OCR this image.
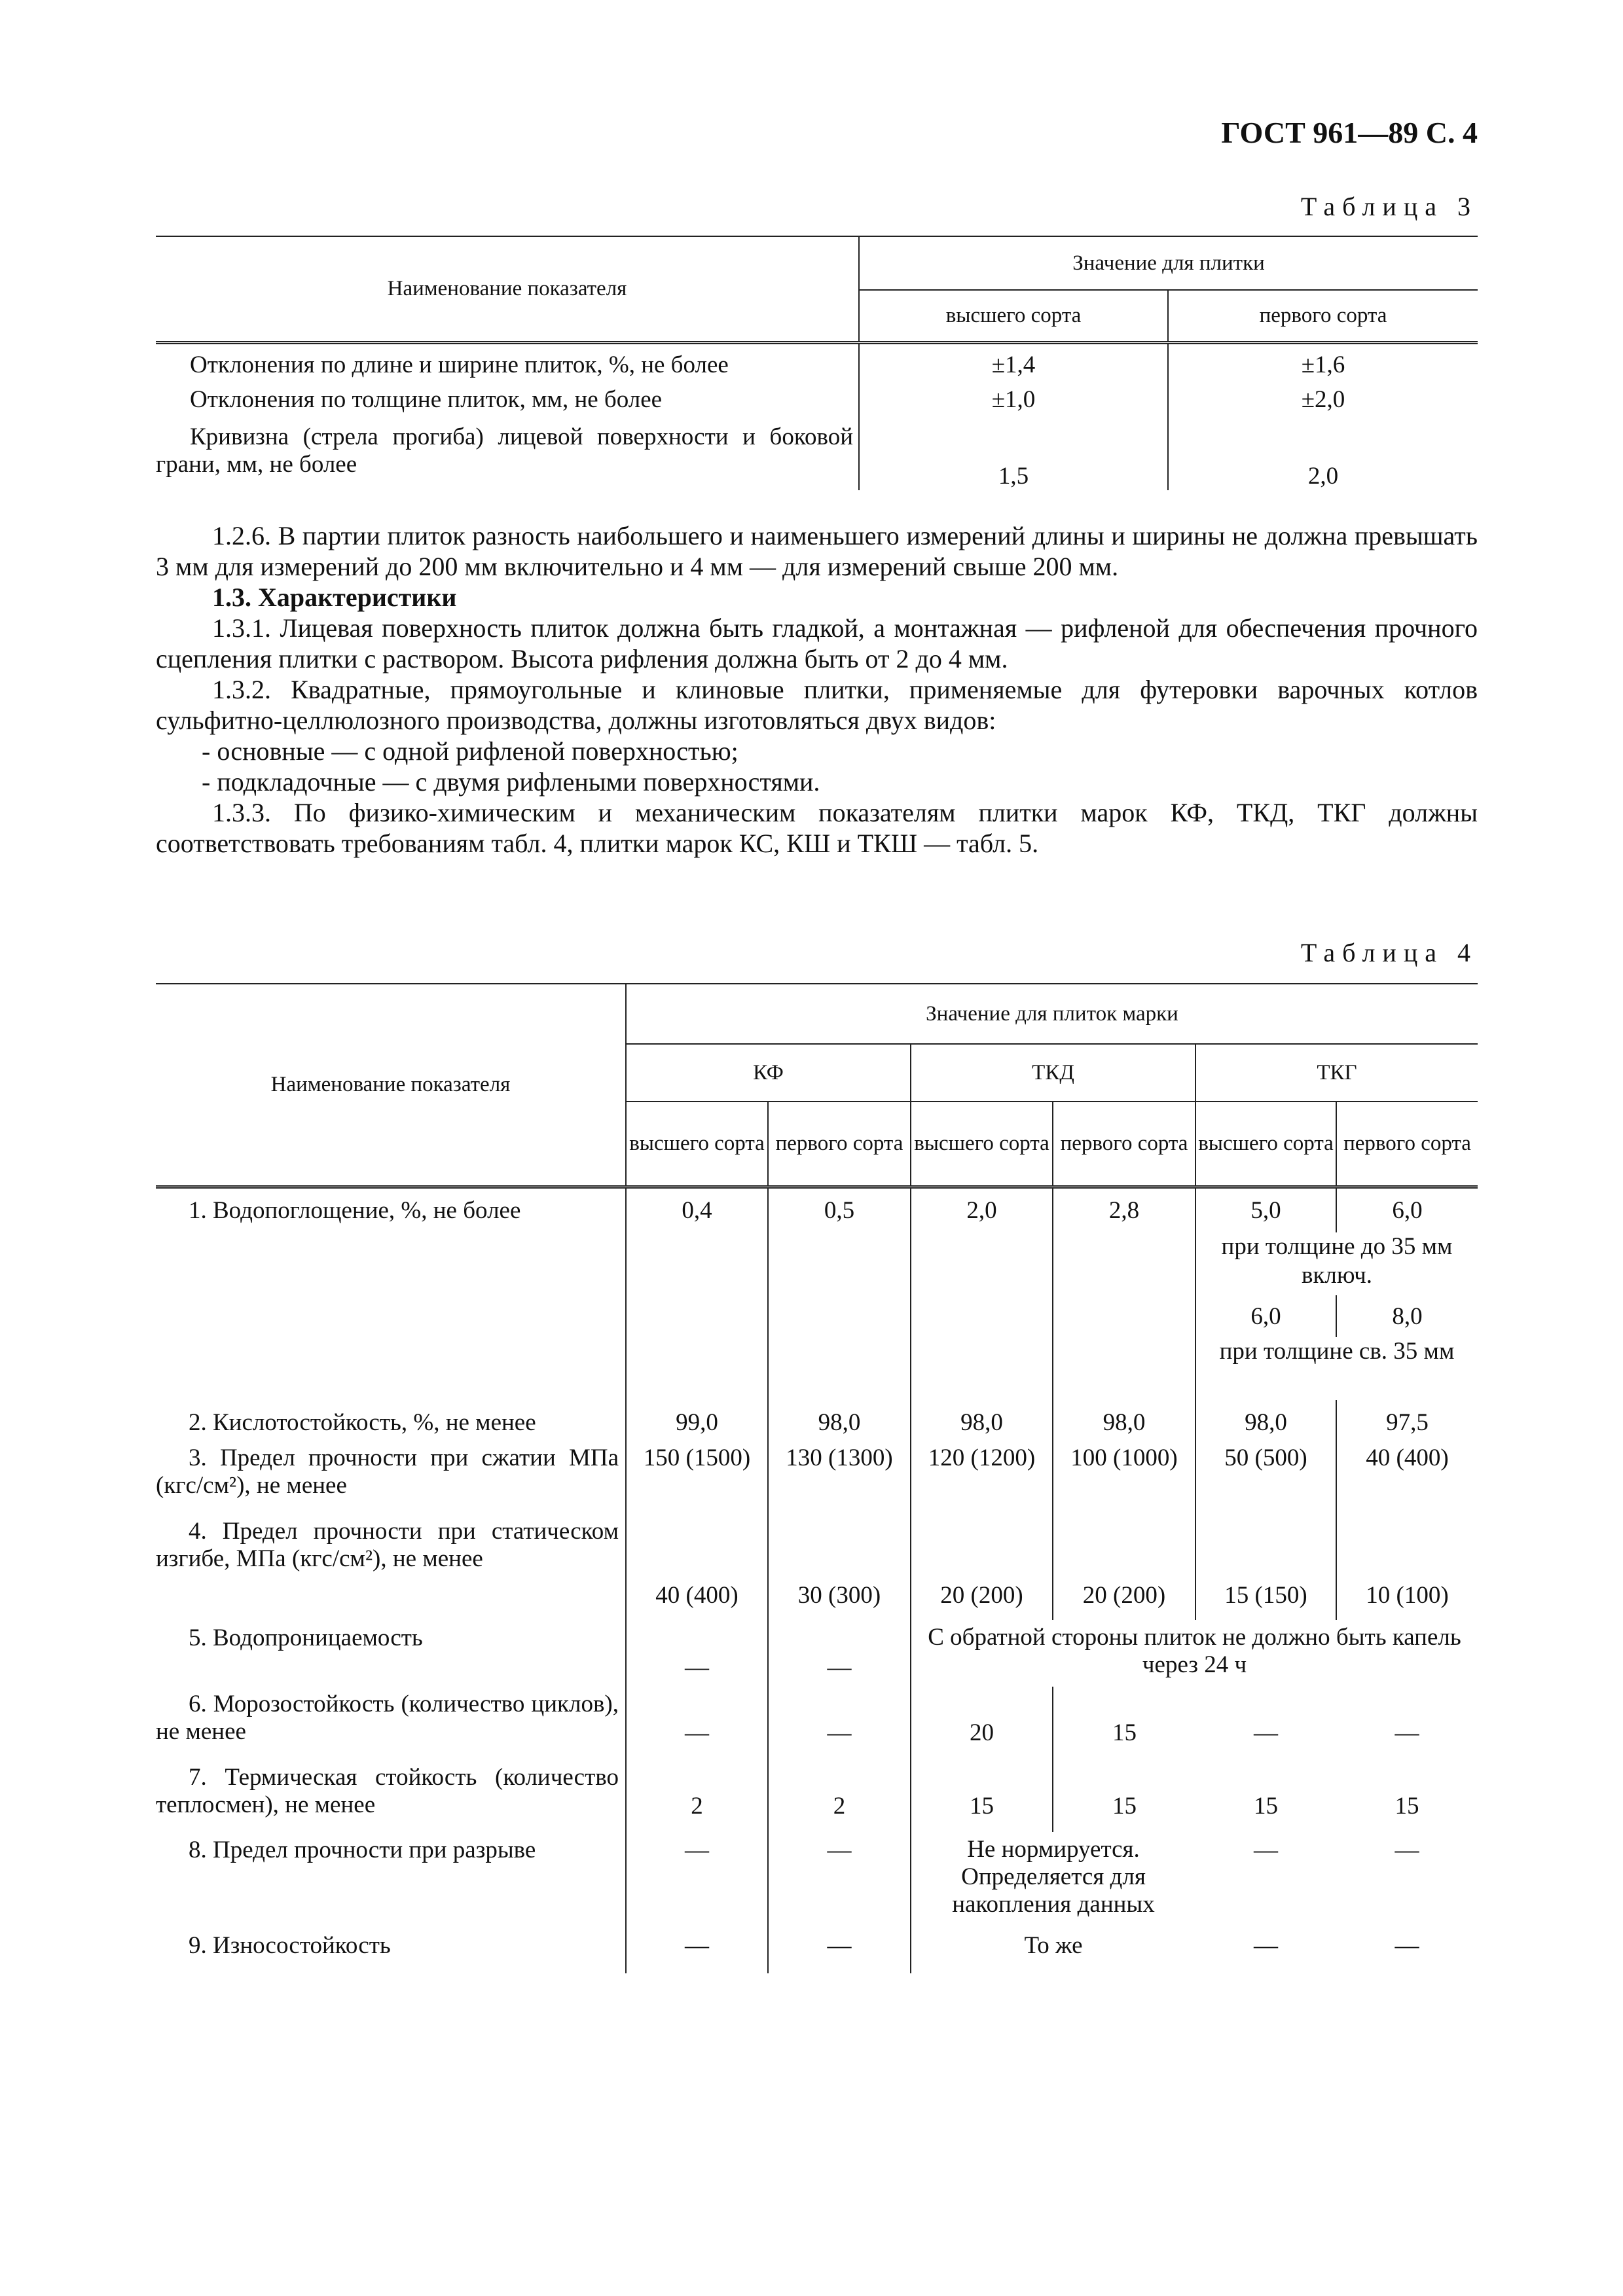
ГОСТ 961—89 С. 4
Таблица 3
Наименование показателя	Значение для плитки	
	высшего сорта	первого сорта
Отклонения по длине и ширине плиток, %, не более	±1,4	±1,6
Отклонения по толщине плиток, мм, не более	±1,0	±2,0
Кривизна (стрела прогиба) лицевой поверхности и боковой грани, мм, не более	1,5	2,0

1.2.6. В партии плиток разность наибольшего и наименьшего измерений длины и ширины не должна превышать 3 мм для измерений до 200 мм включительно и 4 мм — для измерений свыше 200 мм.

1.3. Характеристики

1.3.1. Лицевая поверхность плиток должна быть гладкой, а монтажная — рифленой для обеспечения прочного сцепления плитки с раствором. Высота рифления должна быть от 2 до 4 мм.

1.3.2. Квадратные, прямоугольные и клиновые плитки, применяемые для футеровки варочных котлов сульфитно-целлюлозного производства, должны изготовляться двух видов:

- основные — с одной рифленой поверхностью;

- подкладочные — с двумя рифлеными поверхностями.

1.3.3. По физико-химическим и механическим показателям плитки марок КФ, ТКД, ТКГ должны соответствовать требованиям табл. 4, плитки марок КС, КШ и ТКШ — табл. 5.

Таблица 4
Наименование показателя	Значение для плиток марки					
	КФ		ТКД		ТКГ	
	высшего сорта	первого сорта	высшего сорта	первого сорта	высшего сорта	первого сорта
1. Водопоглощение, %, не более	0,4	0,5	2,0	2,8	5,0	6,0
					при толщине до 35 мм включ.	
					6,0	8,0
					при толщине св. 35 мм	
2. Кислотостойкость, %, не менее	99,0	98,0	98,0	98,0	98,0	97,5
3. Предел прочности при сжатии МПа (кгс/см²), не менее	150 (1500)	130 (1300)	120 (1200)	100 (1000)	50 (500)	40 (400)
4. Предел прочности при статическом изгибе, МПа (кгс/см²), не менее	40 (400)	30 (300)	20 (200)	20 (200)	15 (150)	10 (100)
5. Водопроницаемость	—	—	С обратной стороны плиток не должно быть капель через 24 ч			
6. Морозостойкость (количество циклов), не менее	—	—	20	15	—	—
7. Термическая стойкость (количество теплосмен), не менее	2	2	15	15	15	15
8. Предел прочности при разрыве	—	—	Не нормируется. Определяется для накопления данных		—	—
9. Износостойкость	—	—	То же		—	—
